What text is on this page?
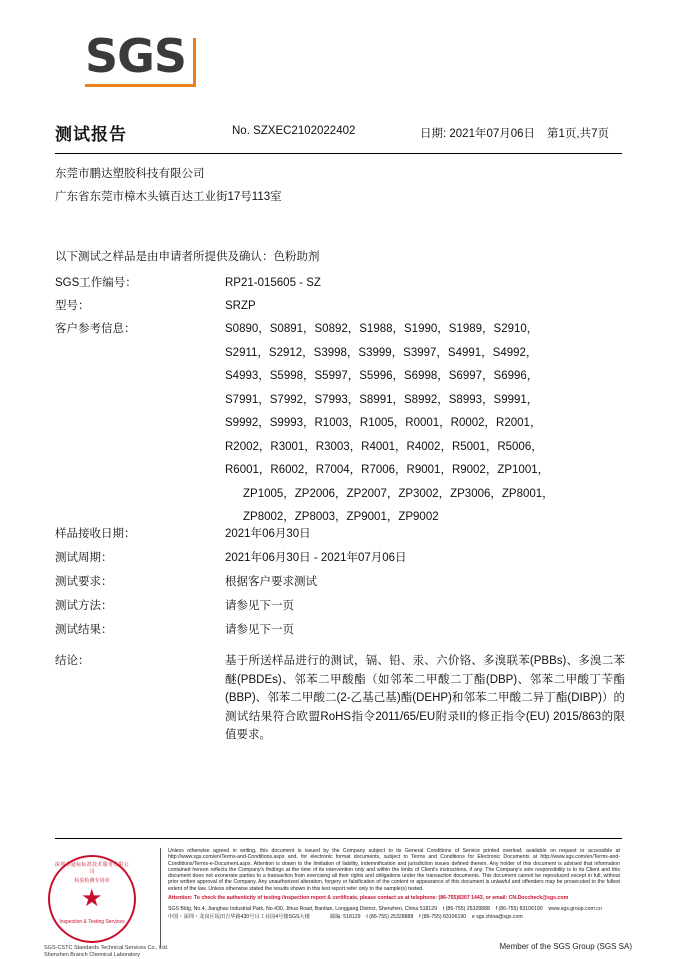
SGS
测试报告	No. SZXEC2102022402	日期: 2021年07月06日 第1页,共7页
东莞市鹏达塑胶科技有限公司
广东省东莞市樟木头镇百达工业街17号113室
以下测试之样品是由申请者所提供及确认：色粉助剂
SGS工作编号：	RP21-015605 - SZ
型号：	SRZP
客户参考信息：	S0890，S0891，S0892，S1988，S1990，S1989，S2910，
S2911，S2912，S3998，S3999，S3997，S4991，S4992，
S4993，S5998，S5997，S5996，S6998，S6997，S6996，
S7991，S7992，S7993，S8991，S8992，S8993，S9991，
S9992，S9993，R1003，R1005，R0001，R0002，R2001，
R2002，R3001，R3003，R4001，R4002，R5001，R5006，
R6001，R6002，R7004，R7006，R9001，R9002，ZP1001，
ZP1005，ZP2006，ZP2007，ZP3002，ZP3006，ZP8001，
ZP8002，ZP8003，ZP9001，ZP9002
样品接收日期：	2021年06月30日
测试周期：	2021年06月30日 - 2021年07月06日
测试要求：	根据客户要求测试
测试方法：	请参见下一页
测试结果：	请参见下一页
结论：	基于所送样品进行的测试，镉、铅、汞、六价铬、多溴联苯(PBBs)、多溴二苯醚(PBDEs)、邻苯二甲酸酯（如邻苯二甲酸二丁酯(DBP)、邻苯二甲酸丁苄酯(BBP)、邻苯二甲酸二(2-乙基己基)酯(DEHP)和邻苯二甲酸二异丁酯(DIBP)）的测试结果符合欧盟RoHS指令2011/65/EU附录II的修正指令(EU) 2015/863的限值要求。
深圳市通标标准技术服务有限公司
★
检验检测专用章
Inspection & Testing Services
SGS-CSTC Standards Technical Services Co., Ltd.
Shenzhen Branch Chemical Laboratory
Unless otherwise agreed in writing, this document is issued by the Company subject to its General Conditions of Service printed overleaf, available on request or accessible at http://www.sgs.com/en/Terms-and-Conditions.aspx and, for electronic format documents, subject to Terms and Conditions for Electronic Documents at http://www.sgs.com/en/Terms-and-Conditions/Terms-e-Document.aspx. Attention is drawn to the limitation of liability, indemnification and jurisdiction issues defined therein. Any holder of this document is advised that information contained hereon reflects the Company's findings at the time of its intervention only and within the limits of Client's instructions, if any. The Company's sole responsibility is to its Client and this document does not exonerate parties to a transaction from exercising all their rights and obligations under the transaction documents. This document cannot be reproduced except in full, without prior written approval of the Company. Any unauthorized alteration, forgery or falsification of the content or appearance of this document is unlawful and offenders may be prosecuted to the fullest extent of the law. Unless otherwise stated the results shown in this test report refer only to the sample(s) tested.
Attention: To check the authenticity of testing /inspection report & certificate, please contact us at telephone: (86-755)8307 1443, or email: CN.Doccheck@sgs.com
SGS Bldg, No.4, Jianghao Industrial Park, No.430, Jihua Road, Bantian, Longgang District, Shenzhen, China 518129    t (86-755) 25328888    f (86-755) 83106190    www.sgs.group.com.cn
中国・深圳・龙岗区坂田吉华路430号目工业园4号楼SGS大楼              邮编: 518129    t (86-755) 25328888    f (86-755) 83106190    e sgs.china@sgs.com
Member of the SGS Group (SGS SA)
